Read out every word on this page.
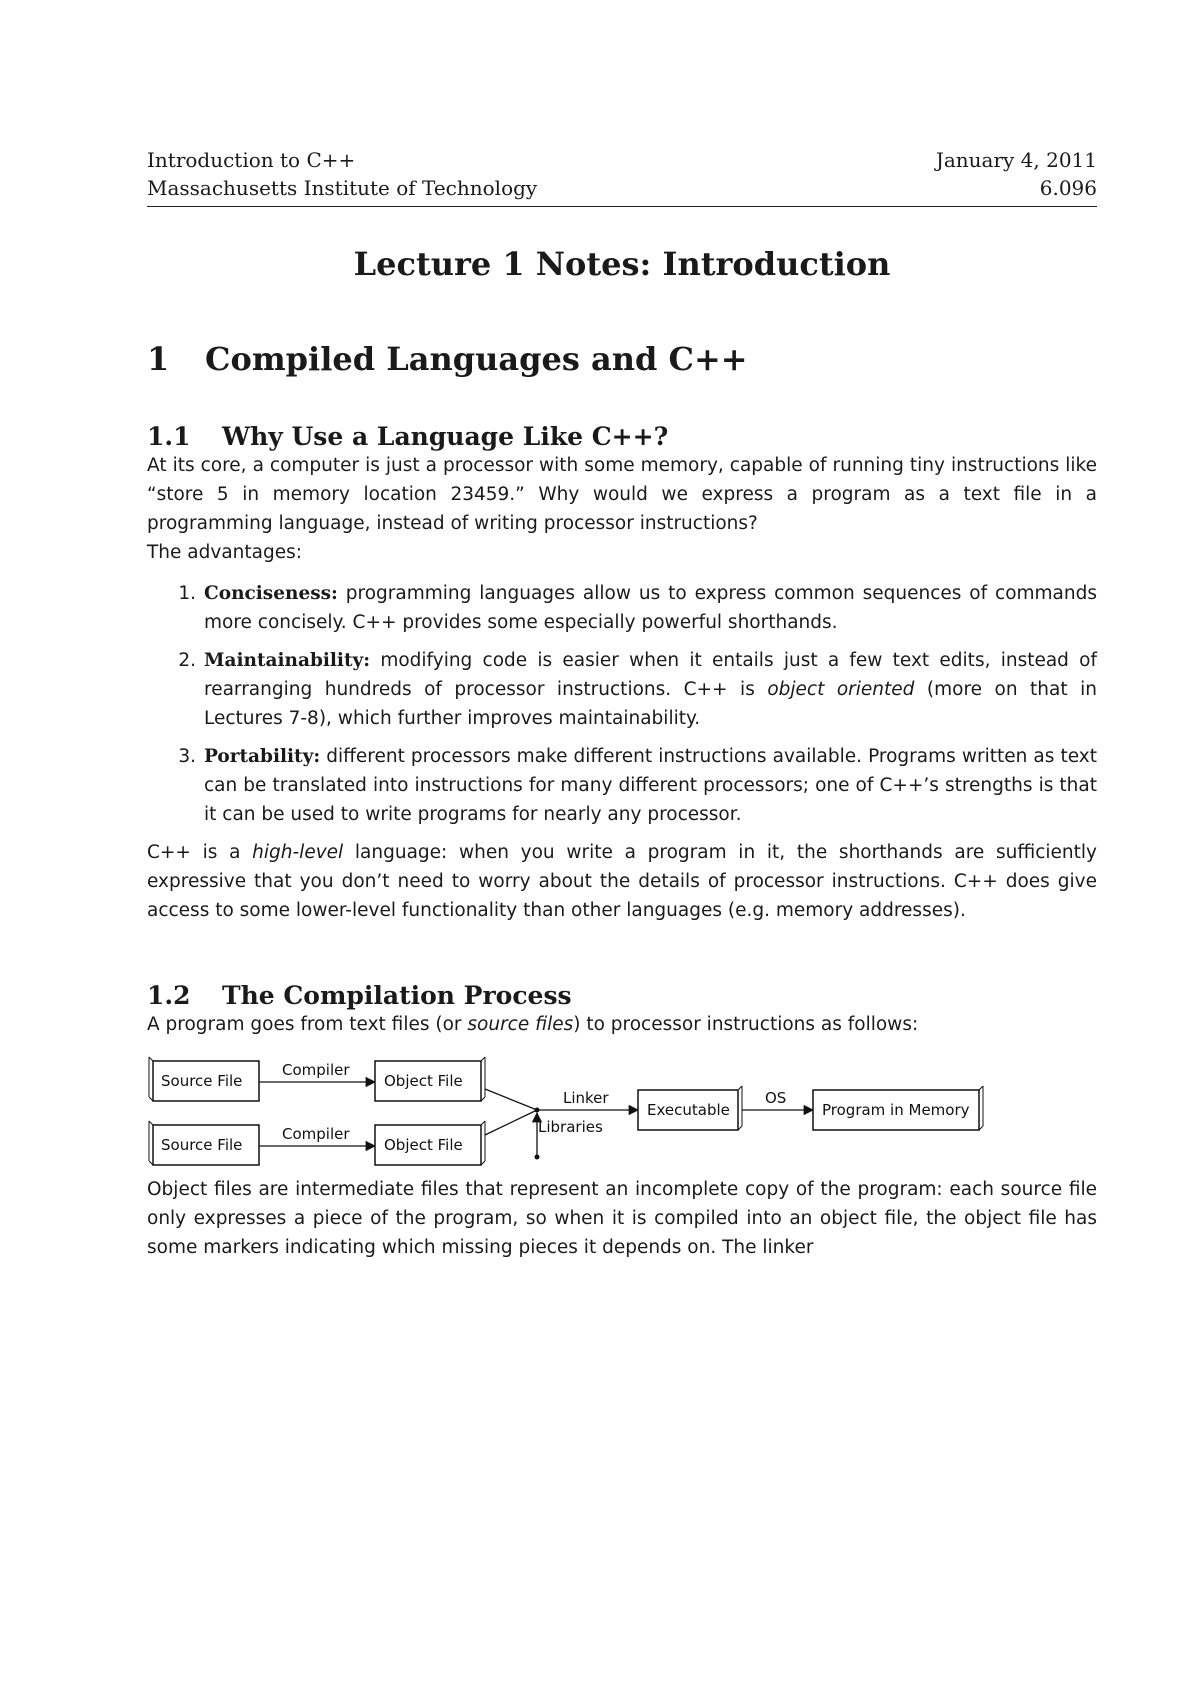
Introduction to C++	January 4, 2011
Massachusetts Institute of Technology	6.096
Lecture 1 Notes: Introduction
1	Compiled Languages and C++
1.1	Why Use a Language Like C++?

At its core, a computer is just a processor with some memory, capable of running tiny instructions like “store 5 in memory location 23459.” Why would we express a program as a text file in a programming language, instead of writing processor instructions?

The advantages:

1. Conciseness: programming languages allow us to express common sequences of commands more concisely. C++ provides some especially powerful shorthands.

2. Maintainability: modifying code is easier when it entails just a few text edits, instead of rearranging hundreds of processor instructions. C++ is object oriented (more on that in Lectures 7-8), which further improves maintainability.

3. Portability: different processors make different instructions available. Programs written as text can be translated into instructions for many different processors; one of C++’s strengths is that it can be used to write programs for nearly any processor.

C++ is a high-level language: when you write a program in it, the shorthands are sufficiently expressive that you don’t need to worry about the details of processor instructions. C++ does give access to some lower-level functionality than other languages (e.g. memory addresses).

1.2	The Compilation Process

A program goes from text files (or source files) to processor instructions as follows:

Source File
Source File
Compiler
Compiler
Object File
Object File
Libraries
Linker
Executable
OS
Program in Memory

Object files are intermediate files that represent an incomplete copy of the program: each source file only expresses a piece of the program, so when it is compiled into an object file, the object file has some markers indicating which missing pieces it depends on. The linker
